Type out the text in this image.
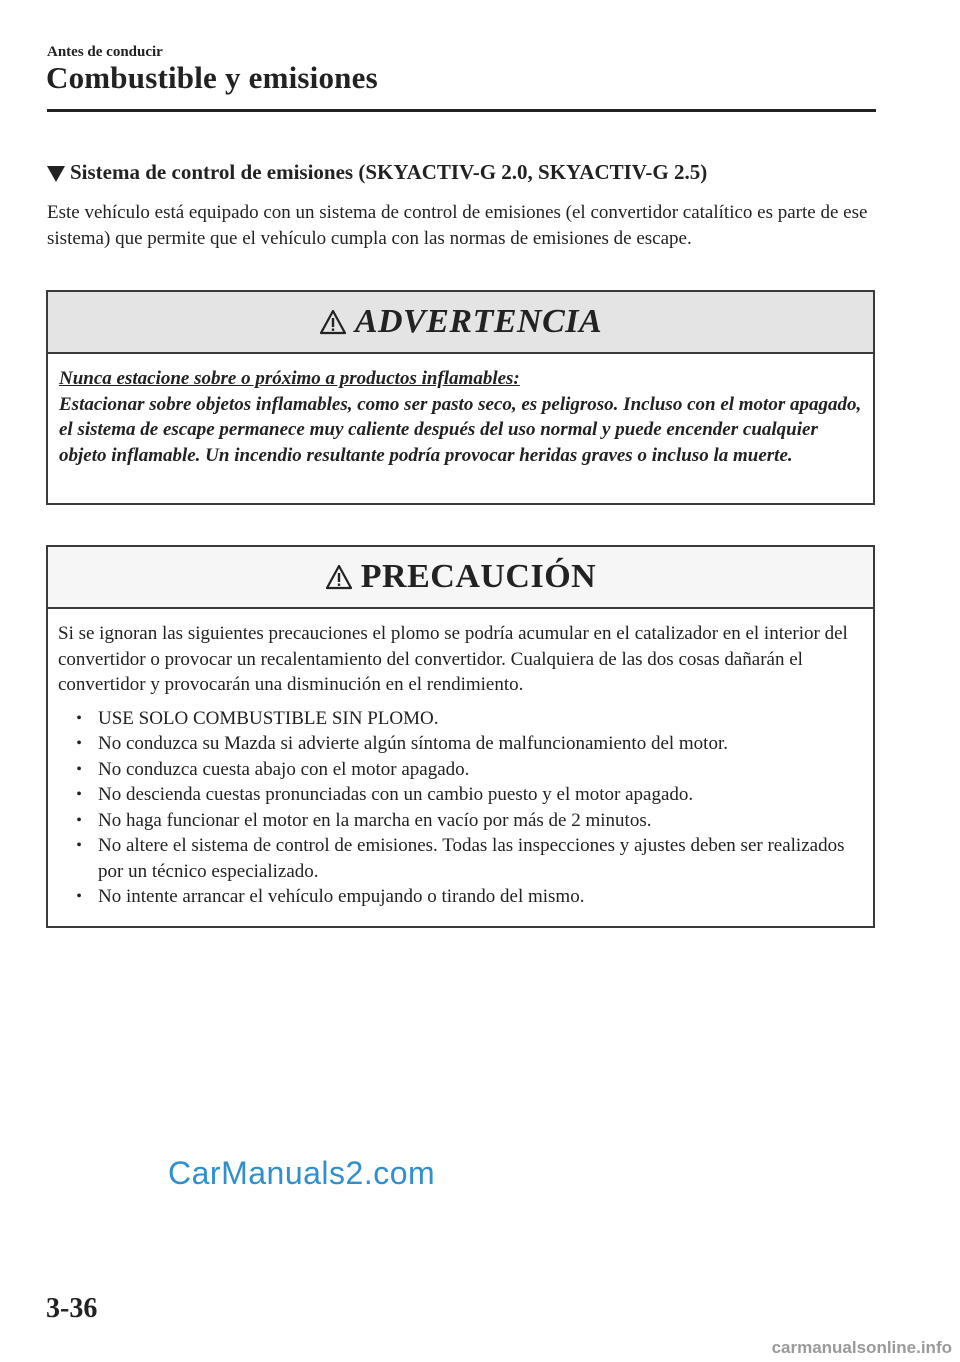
Antes de conducir
Combustible y emisiones
Sistema de control de emisiones (SKYACTIV-G 2.0, SKYACTIV-G 2.5)

Este vehículo está equipado con un sistema de control de emisiones (el convertidor catalítico es parte de ese sistema) que permite que el vehículo cumpla con las normas de emisiones de escape.

ADVERTENCIA
Nunca estacione sobre o próximo a productos inflamables:
Estacionar sobre objetos inflamables, como ser pasto seco, es peligroso. Incluso con el motor apagado, el sistema de escape permanece muy caliente después del uso normal y puede encender cualquier objeto inflamable. Un incendio resultante podría provocar heridas graves o incluso la muerte.
PRECAUCIÓN

Si se ignoran las siguientes precauciones el plomo se podría acumular en el catalizador en el interior del convertidor o provocar un recalentamiento del convertidor. Cualquiera de las dos cosas dañarán el convertidor y provocarán una disminución en el rendimiento.

• USE SOLO COMBUSTIBLE SIN PLOMO.
• No conduzca su Mazda si advierte algún síntoma de malfuncionamiento del motor.
• No conduzca cuesta abajo con el motor apagado.
• No descienda cuestas pronunciadas con un cambio puesto y el motor apagado.
• No haga funcionar el motor en la marcha en vacío por más de 2 minutos.
• No altere el sistema de control de emisiones. Todas las inspecciones y ajustes deben ser realizados por un técnico especializado.
• No intente arrancar el vehículo empujando o tirando del mismo.
CarManuals2.com
3-36
carmanualsonline.info
